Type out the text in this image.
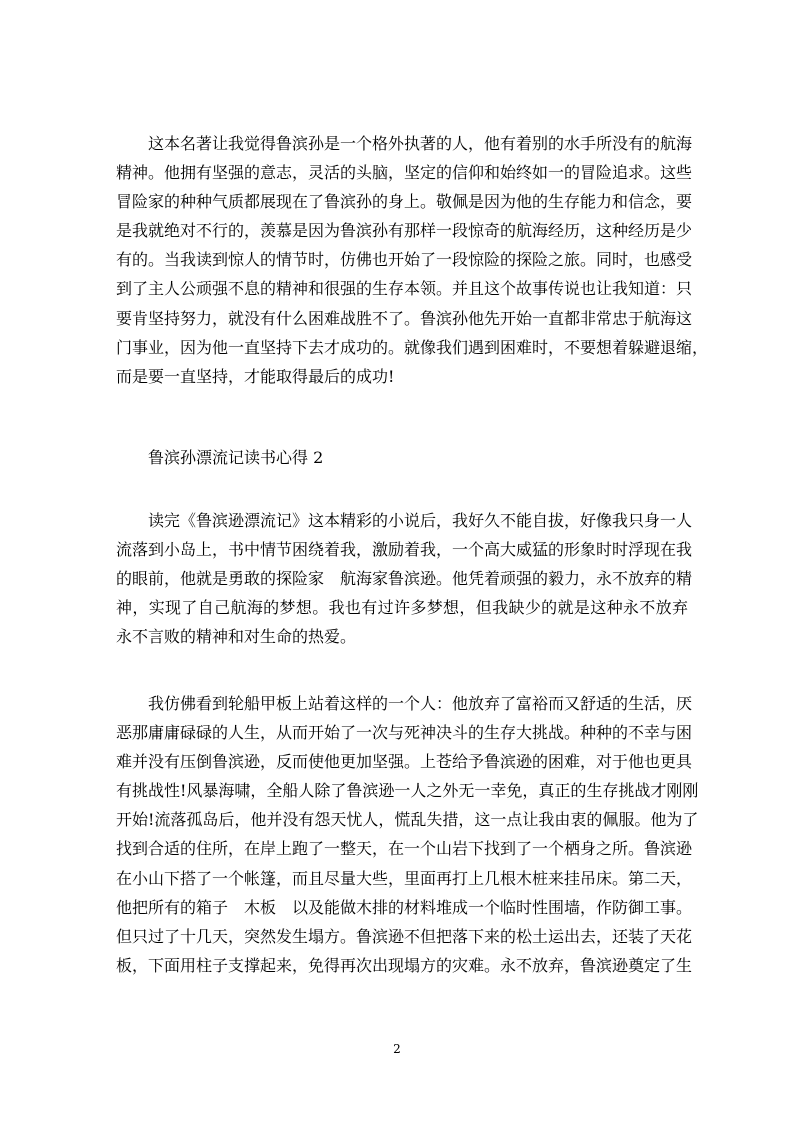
　　这本名著让我觉得鲁滨孙是一个格外执著的人，他有着别的水手所没有的航海
精神。他拥有坚强的意志，灵活的头脑，坚定的信仰和始终如一的冒险追求。这些
冒险家的种种气质都展现在了鲁滨孙的身上。敬佩是因为他的生存能力和信念，要
是我就绝对不行的，羡慕是因为鲁滨孙有那样一段惊奇的航海经历，这种经历是少
有的。当我读到惊人的情节时，仿佛也开始了一段惊险的探险之旅。同时，也感受
到了主人公顽强不息的精神和很强的生存本领。并且这个故事传说也让我知道：只
要肯坚持努力，就没有什么困难战胜不了。鲁滨孙他先开始一直都非常忠于航海这
门事业，因为他一直坚持下去才成功的。就像我们遇到困难时，不要想着躲避退缩，
而是要一直坚持，才能取得最后的成功!

鲁滨孙漂流记读书心得 2

　　读完《鲁滨逊漂流记》这本精彩的小说后，我好久不能自拔，好像我只身一人
流落到小岛上，书中情节困绕着我，激励着我，一个高大威猛的形象时时浮现在我
的眼前，他就是勇敢的探险家　航海家鲁滨逊。他凭着顽强的毅力，永不放弃的精
神，实现了自己航海的梦想。我也有过许多梦想，但我缺少的就是这种永不放弃
永不言败的精神和对生命的热爱。
　　我仿佛看到轮船甲板上站着这样的一个人：他放弃了富裕而又舒适的生活，厌
恶那庸庸碌碌的人生，从而开始了一次与死神决斗的生存大挑战。种种的不幸与困
难并没有压倒鲁滨逊，反而使他更加坚强。上苍给予鲁滨逊的困难，对于他也更具
有挑战性!风暴海啸，全船人除了鲁滨逊一人之外无一幸免，真正的生存挑战才刚刚
开始!流落孤岛后，他并没有怨天忧人，慌乱失措，这一点让我由衷的佩服。他为了
找到合适的住所，在岸上跑了一整天，在一个山岩下找到了一个栖身之所。鲁滨逊
在小山下搭了一个帐篷，而且尽量大些，里面再打上几根木桩来挂吊床。第二天，
他把所有的箱子　木板　以及能做木排的材料堆成一个临时性围墙，作防御工事。
但只过了十几天，突然发生塌方。鲁滨逊不但把落下来的松土运出去，还装了天花
板，下面用柱子支撑起来，免得再次出现塌方的灾难。永不放弃，鲁滨逊奠定了生
2
